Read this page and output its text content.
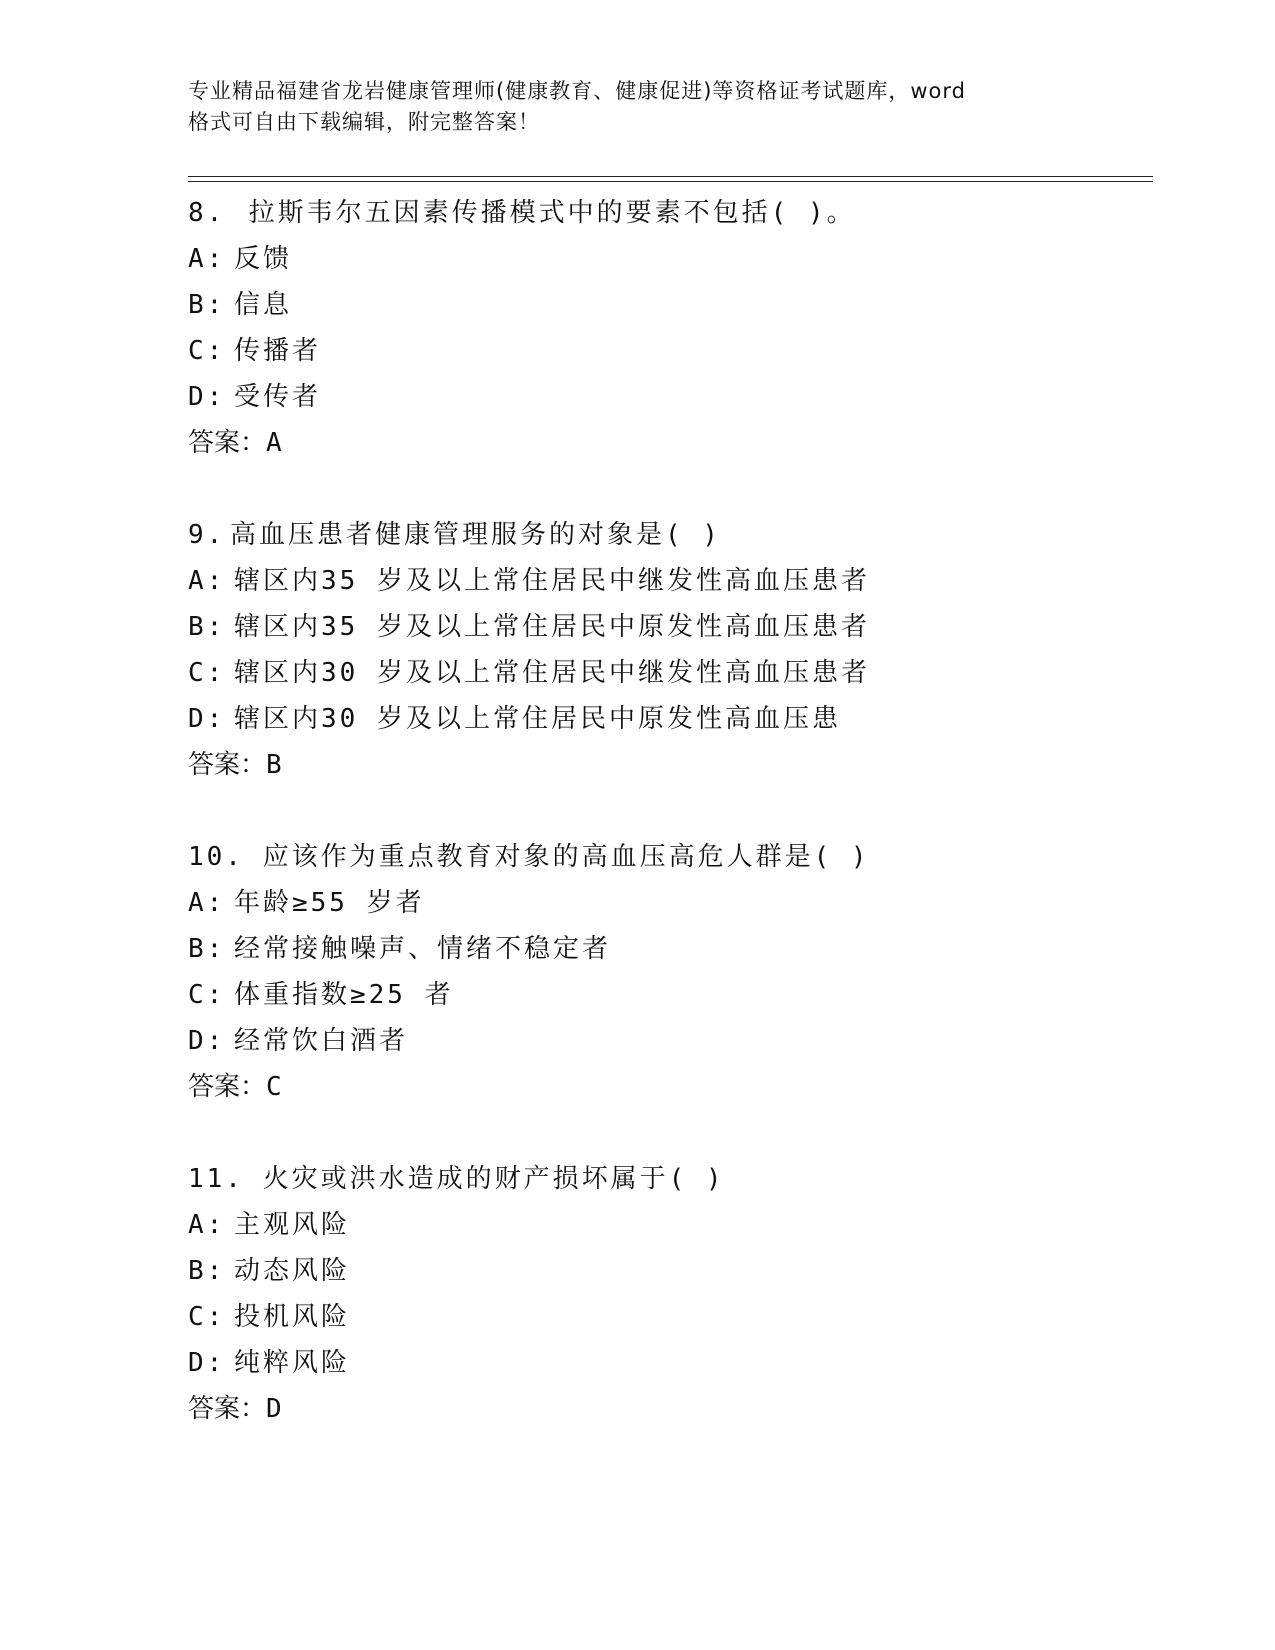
专业精品福建省龙岩健康管理师(健康教育、健康促进)等资格证考试题库，word
格式可自由下载编辑，附完整答案！
8. 拉斯韦尔五因素传播模式中的要素不包括( )。
A: 反馈
B: 信息
C: 传播者
D: 受传者
答案：A
9. 高血压患者健康管理服务的对象是( )
A: 辖区内35 岁及以上常住居民中继发性高血压患者
B: 辖区内35 岁及以上常住居民中原发性高血压患者
C: 辖区内30 岁及以上常住居民中继发性高血压患者
D: 辖区内30 岁及以上常住居民中原发性高血压患
答案：B
10. 应该作为重点教育对象的高血压高危人群是( )
A: 年龄≥55 岁者
B: 经常接触噪声、情绪不稳定者
C: 体重指数≥25 者
D: 经常饮白酒者
答案：C
11. 火灾或洪水造成的财产损坏属于( )
A: 主观风险
B: 动态风险
C: 投机风险
D: 纯粹风险
答案：D
